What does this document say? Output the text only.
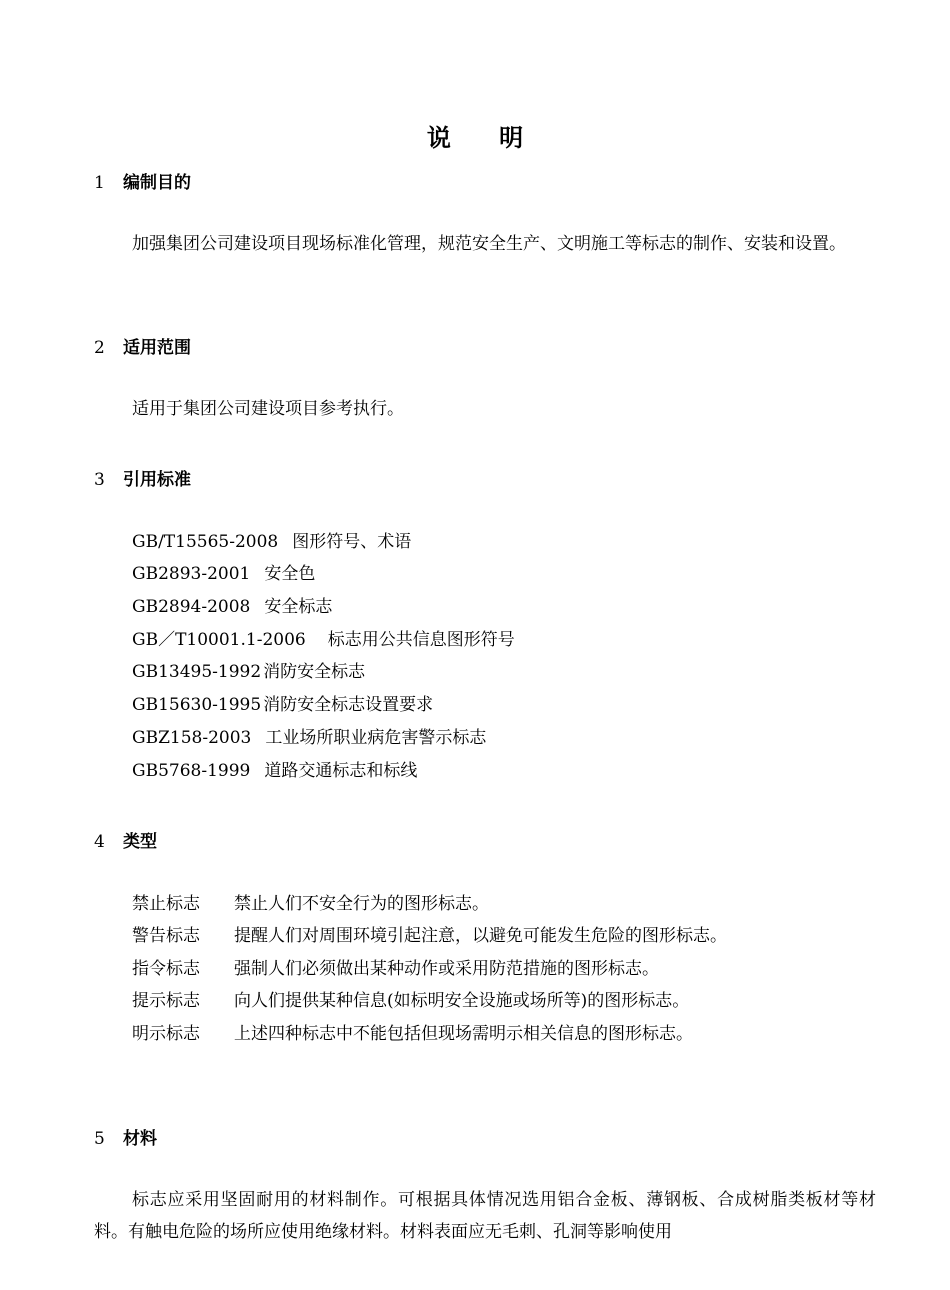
说 明
1 编制目的
加强集团公司建设项目现场标准化管理，规范安全生产、文明施工等标志的制作、安装和设置。
2 适用范围
适用于集团公司建设项目参考执行。
3 引用标准
GB/T15565-2008 图形符号、术语
GB2893-2001 安全色
GB2894-2008 安全标志
GB／T10001.1-2006 标志用公共信息图形符号
GB13495-1992 消防安全标志
GB15630-1995 消防安全标志设置要求
GBZ158-2003 工业场所职业病危害警示标志
GB5768-1999 道路交通标志和标线
4 类型
禁止标志 禁止人们不安全行为的图形标志。
警告标志 提醒人们对周围环境引起注意，以避免可能发生危险的图形标志。
指令标志 强制人们必须做出某种动作或采用防范措施的图形标志。
提示标志 向人们提供某种信息(如标明安全设施或场所等)的图形标志。
明示标志 上述四种标志中不能包括但现场需明示相关信息的图形标志。
5 材料
标志应采用坚固耐用的材料制作。可根据具体情况选用铝合金板、薄钢板、合成树脂类板材等材料。有触电危险的场所应使用绝缘材料。材料表面应无毛刺、孔洞等影响使用
